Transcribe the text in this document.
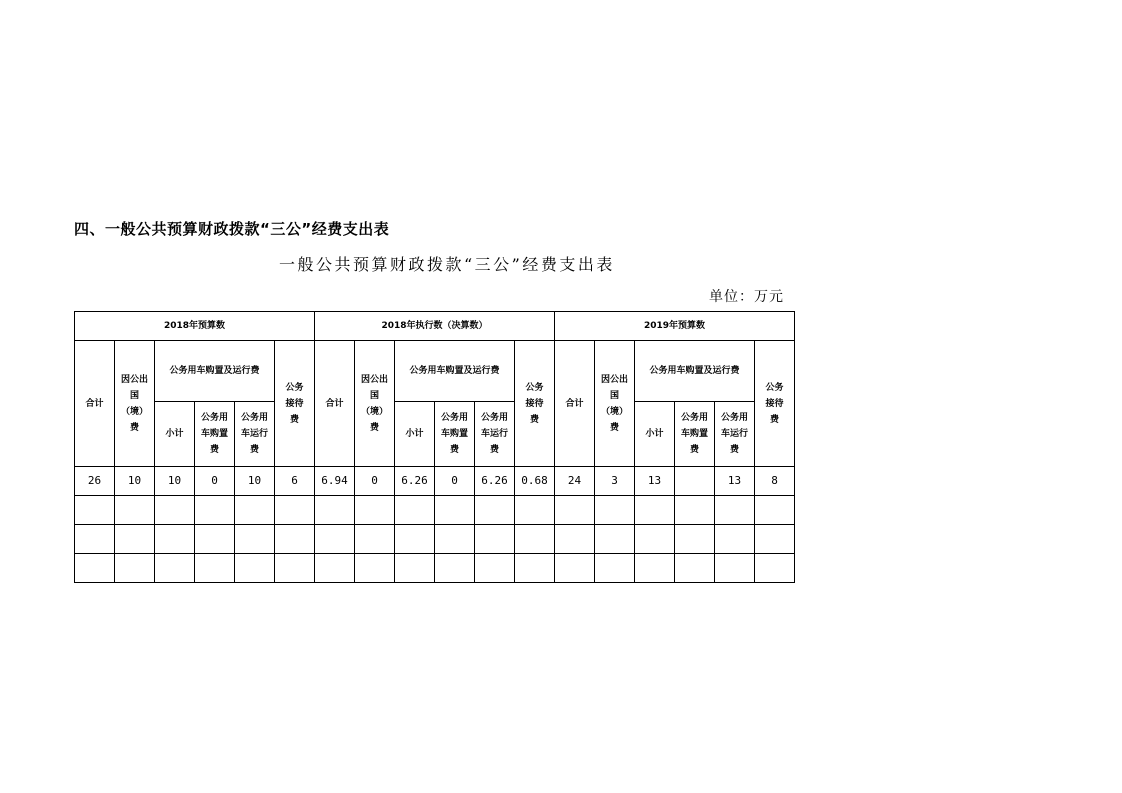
四、一般公共预算财政拨款“三公”经费支出表
一般公共预算财政拨款“三公”经费支出表
单位：万元
2018年预算数						2018年执行数（决算数）						2019年预算数					
合计	因公出国（境）费	公务用车购置及运行费			公务接待费	合计	因公出国（境）费	公务用车购置及运行费			公务接待费	合计	因公出国（境）费	公务用车购置及运行费			公务接待费
		小计	公务用车购置费	公务用车运行费				小计	公务用车购置费	公务用车运行费				小计	公务用车购置费	公务用车运行费	
26	10	10	0	10	6	6.94	0	6.26	0	6.26	0.68	24	3	13		13	8
